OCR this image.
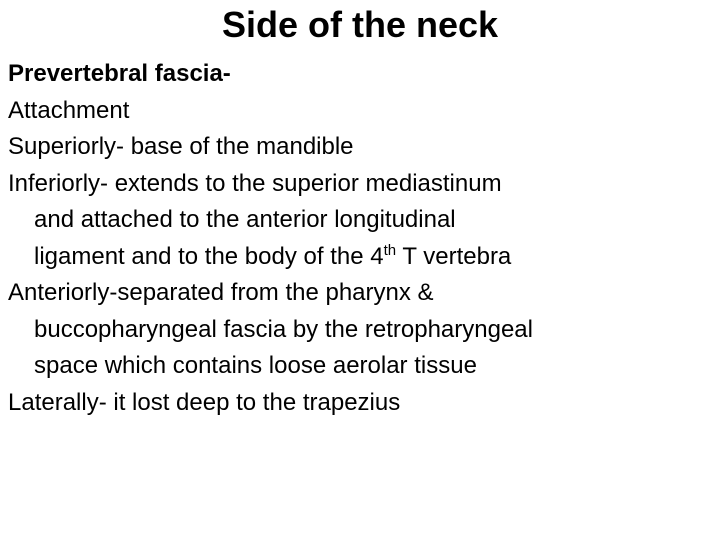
Side of the neck
Prevertebral fascia-
Attachment
Superiorly- base of the mandible
Inferiorly- extends to the superior mediastinum
and attached to the anterior longitudinal
ligament and to the body of the 4th T vertebra
Anteriorly-separated from the pharynx &
buccopharyngeal fascia by the retropharyngeal
space which contains loose aerolar tissue
Laterally- it lost deep to the trapezius
